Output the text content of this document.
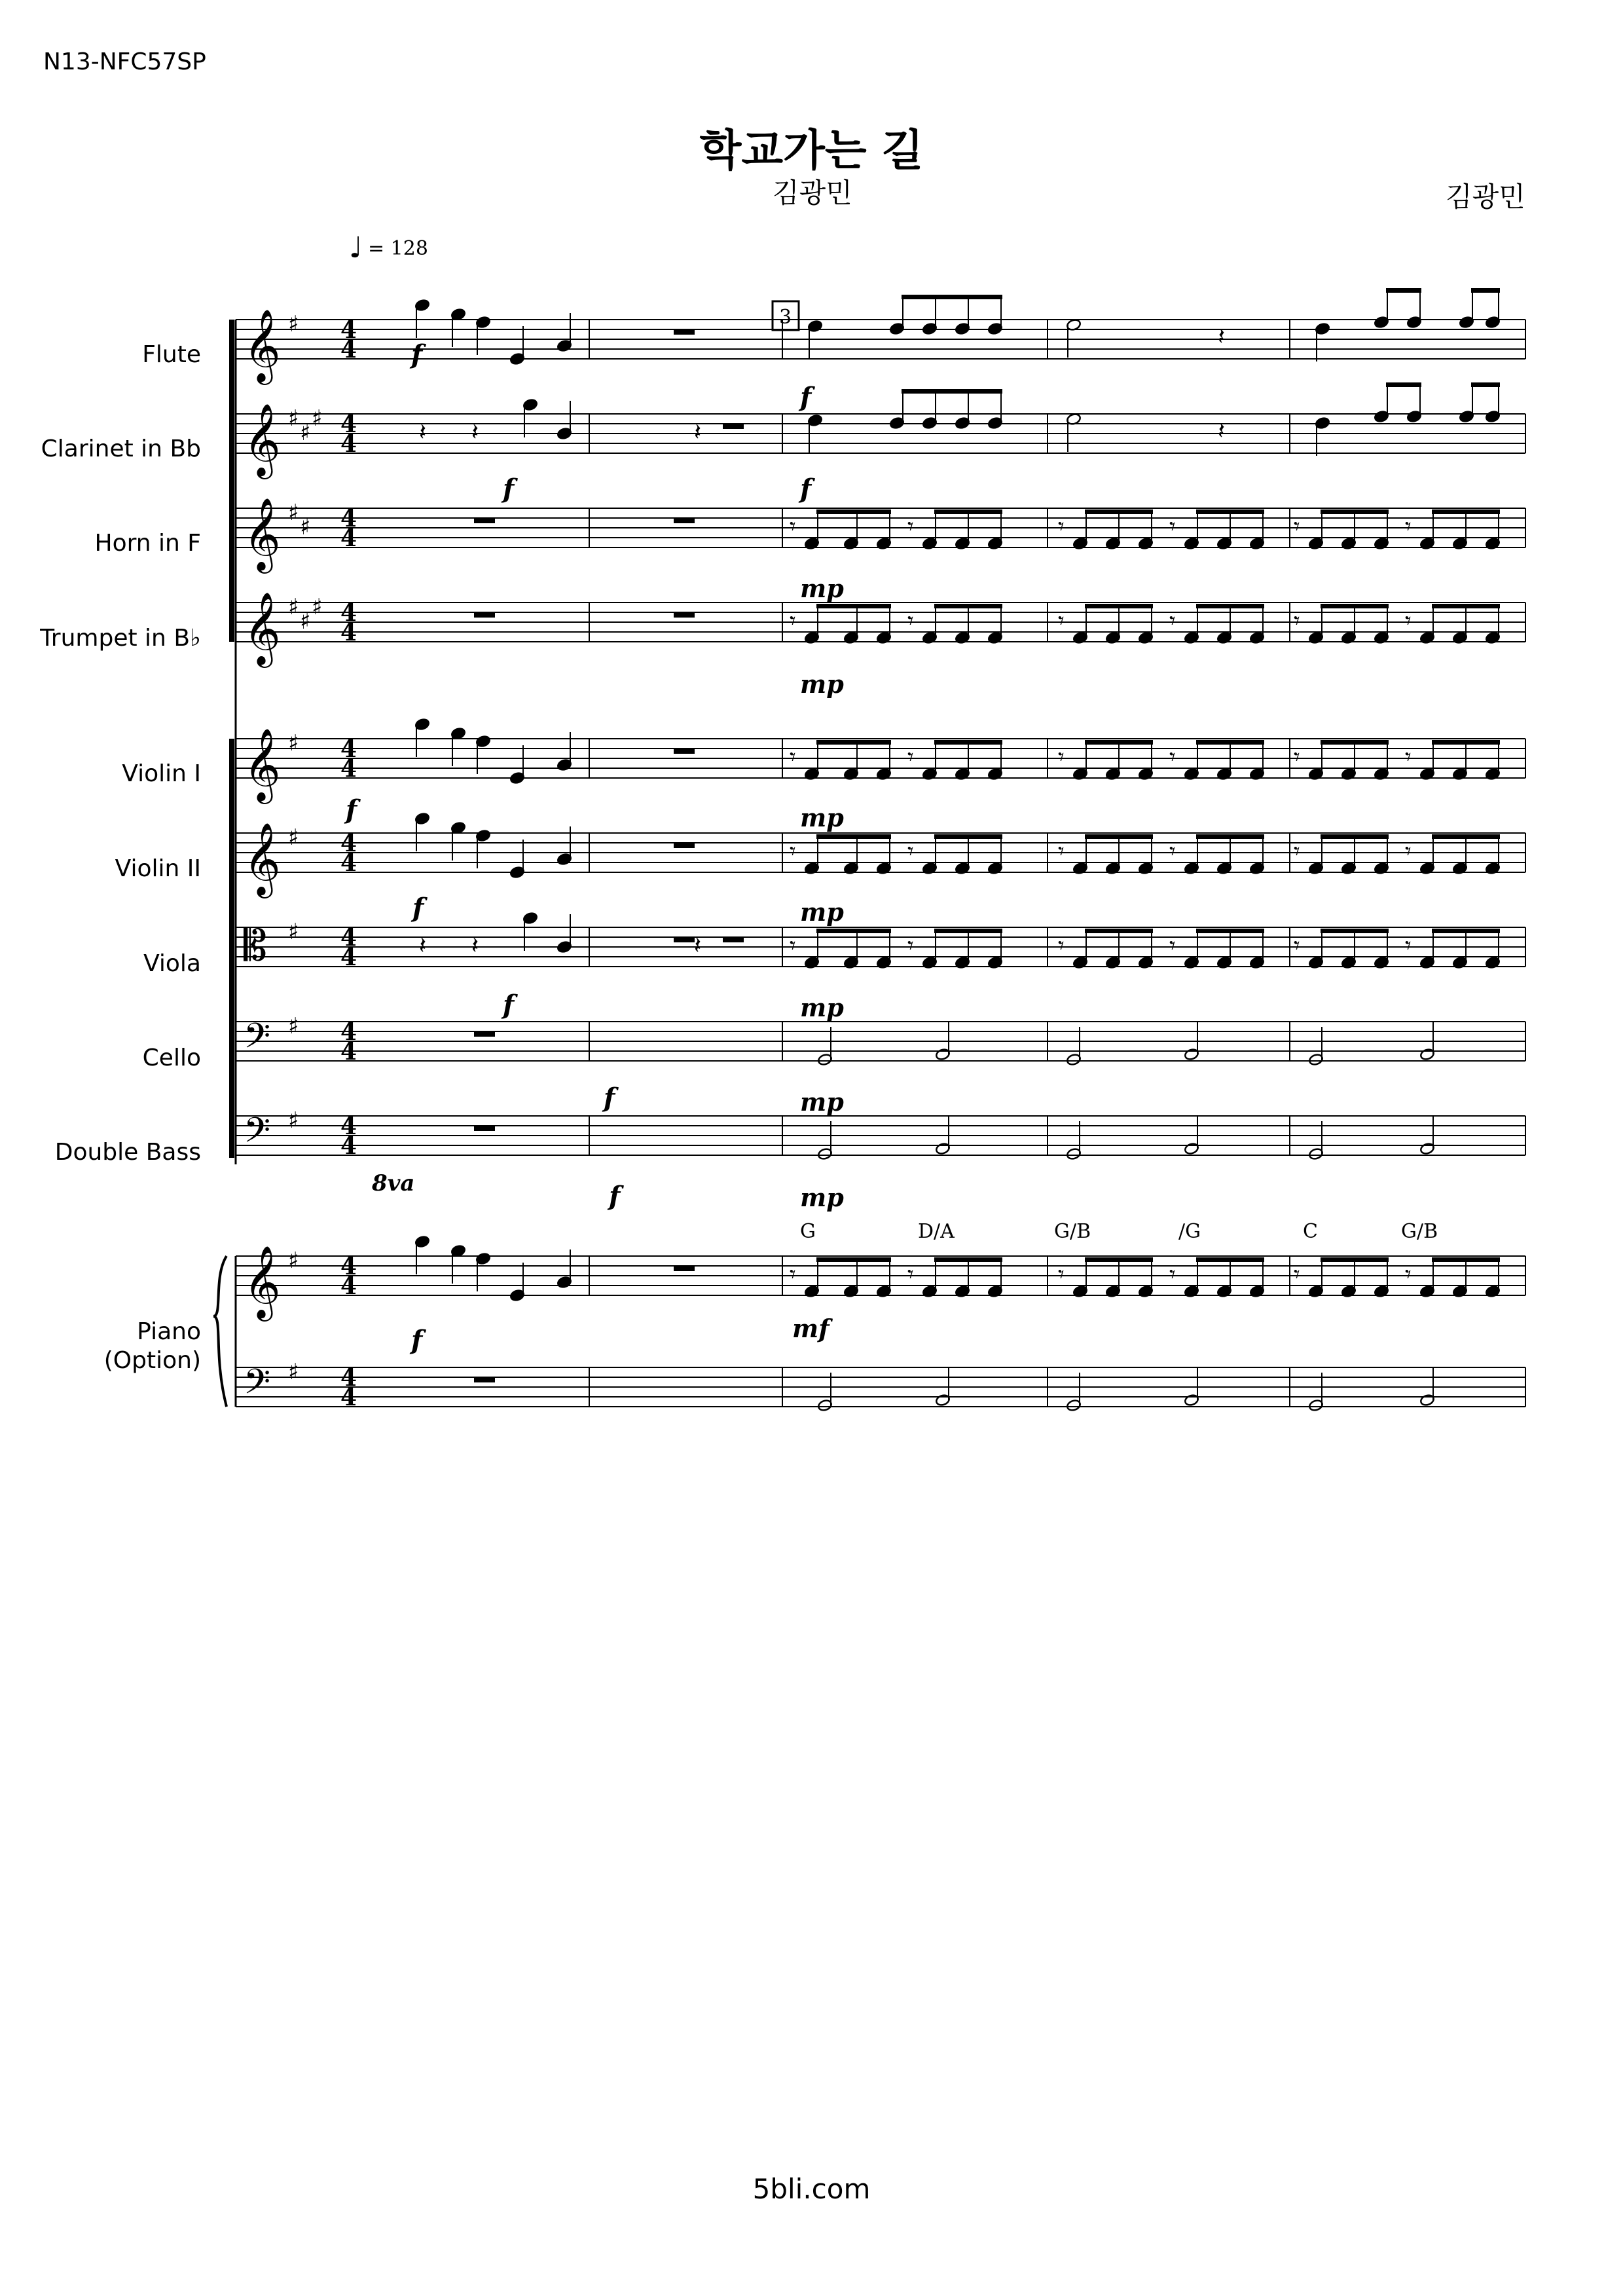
N13-NFC57SP
학교가는 길
김광민	김광민
Flute
Clarinet in Bb
Horn in F
Trumpet in B♭
Violin I
Violin II
Viola
Cello
Double Bass
Piano
(Option)
𝄞 ♯ 4
4
𝄞 ♯
♯
♯ 4
4
𝄞 ♯
♯ 4
4
𝄞 ♯
♯
♯ 4
4
𝄞 ♯ 4
4
𝄞 ♯ 4
4
𝄡 ♯ 4
4
𝄢 ♯ 4
4
𝄢 ♯ 4
4
𝄞 ♯ 4
4
𝄢 ♯ 4
4
𝄽
𝄽
𝄽 𝄽	𝄽
𝄾	𝄾	𝄾	𝄾	𝄾	𝄾
𝄾	𝄾	𝄾	𝄾	𝄾	𝄾
𝄾	𝄾	𝄾	𝄾	𝄾	𝄾
𝄾	𝄾	𝄾	𝄾	𝄾	𝄾
𝄾	𝄾	𝄾	𝄾	𝄾	𝄾
𝄽 𝄽	𝄽
𝄾	𝄾	𝄾	𝄾	𝄾	𝄾
♩ = 128
3
G	D/A	G/B	/G	C	G/B
8va
f
f
f	f
mp
mp
f	mp
f	mp
f	mp
f	mp
f	mp
f	mf
5bli.com
